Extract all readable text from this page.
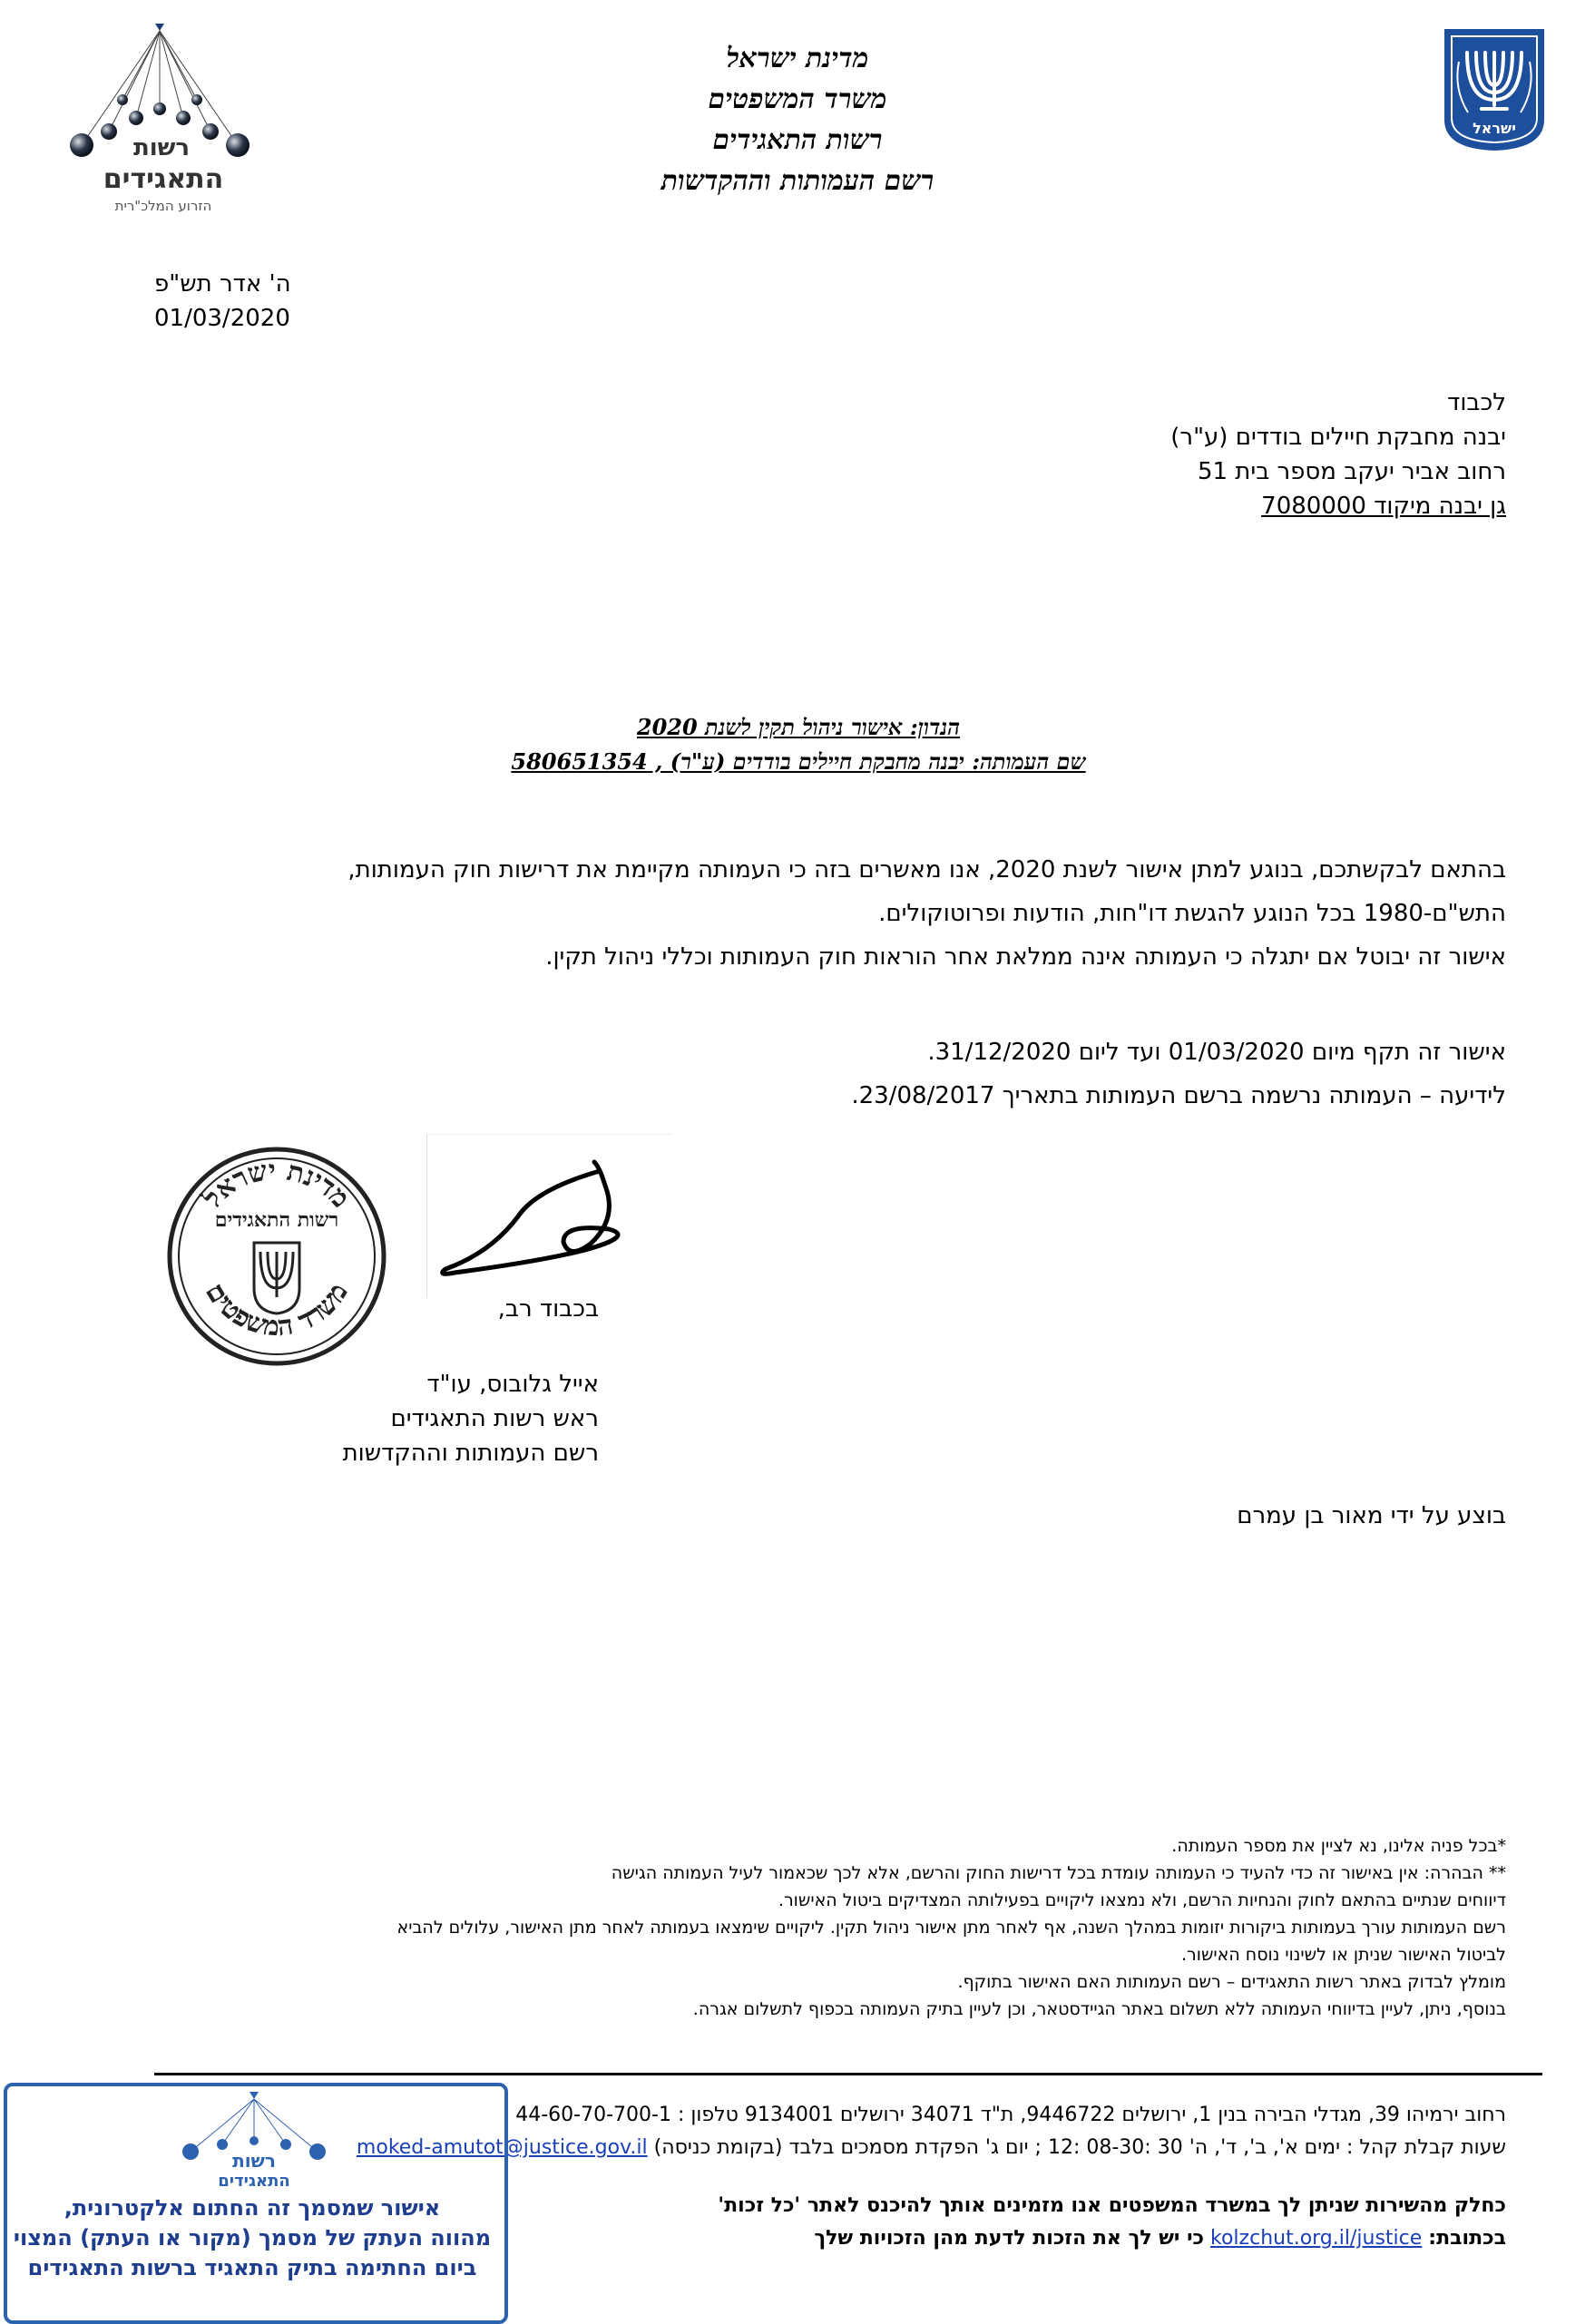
רשות
התאגידים
הזרוע המלכ"רית
מדינת ישראל
משרד המשפטים
רשות התאגידים
רשם העמותות וההקדשות
ישראל
ה' אדר תש"פ
01/03/2020
לכבוד
יבנה מחבקת חיילים בודדים (ע"ר)
רחוב אביר יעקב מספר בית 51
גן יבנה מיקוד 7080000
הנדון: אישור ניהול תקין לשנת 2020
שם העמותה: יבנה מחבקת חיילים בודדים (ע"ר) , 580651354
בהתאם לבקשתכם, בנוגע למתן אישור לשנת 2020, אנו מאשרים בזה כי העמותה מקיימת את דרישות חוק העמותות,
התש"ם-1980 בכל הנוגע להגשת דו"חות, הודעות ופרוטוקולים.
אישור זה יבוטל אם יתגלה כי העמותה אינה ממלאת אחר הוראות חוק העמותות וכללי ניהול תקין.
אישור זה תקף מיום 01/03/2020 ועד ליום 31/12/2020.
לידיעה – העמותה נרשמה ברשם העמותות בתאריך 23/08/2017.
מדינת ישראל
משרד המשפטים
רשות התאגידים
בכבוד רב,
אייל גלובוס, עו"ד
ראש רשות התאגידים
רשם העמותות וההקדשות
בוצע על ידי מאור בן עמרם
*בכל פניה אלינו, נא לציין את מספר העמותה.
** הבהרה: אין באישור זה כדי להעיד כי העמותה עומדת בכל דרישות החוק והרשם, אלא לכך שכאמור לעיל העמותה הגישה
דיווחים שנתיים בהתאם לחוק והנחיות הרשם, ולא נמצאו ליקויים בפעילותה המצדיקים ביטול האישור.
רשם העמותות עורך בעמותות ביקורות יזומות במהלך השנה, אף לאחר מתן אישור ניהול תקין. ליקויים שימצאו בעמותה לאחר מתן האישור, עלולים להביא
לביטול האישור שניתן או לשינוי נוסח האישור.
מומלץ לבדוק באתר רשות התאגידים – רשם העמותות האם האישור בתוקף.
בנוסף, ניתן, לעיין בדיווחי העמותה ללא תשלום באתר הגיידסטאר, וכן לעיין בתיק העמותה בכפוף לתשלום אגרה.
רחוב ירמיהו 39, מגדלי הבירה בנין 1, ירושלים 9446722, ת"ד 34071 ירושלים 9134001 טלפון : 44-60-70-700-1
שעות קבלת קהל : ימים א', ב', ד', ה' 30 :08-30 :12 ; יום ג' הפקדת מסמכים בלבד (בקומת כניסה) moked-amutot@justice.gov.il
כחלק מהשירות שניתן לך במשרד המשפטים אנו מזמינים אותך להיכנס לאתר 'כל זכות'
בכתובת: kolzchut.org.il/justice כי יש לך את הזכות לדעת מהן הזכויות שלך
רשות
התאגידים
אישור שמסמך זה החתום אלקטרונית,
מהווה העתק של מסמך (מקור או העתק) המצוי
ביום החתימה בתיק התאגיד ברשות התאגידים
